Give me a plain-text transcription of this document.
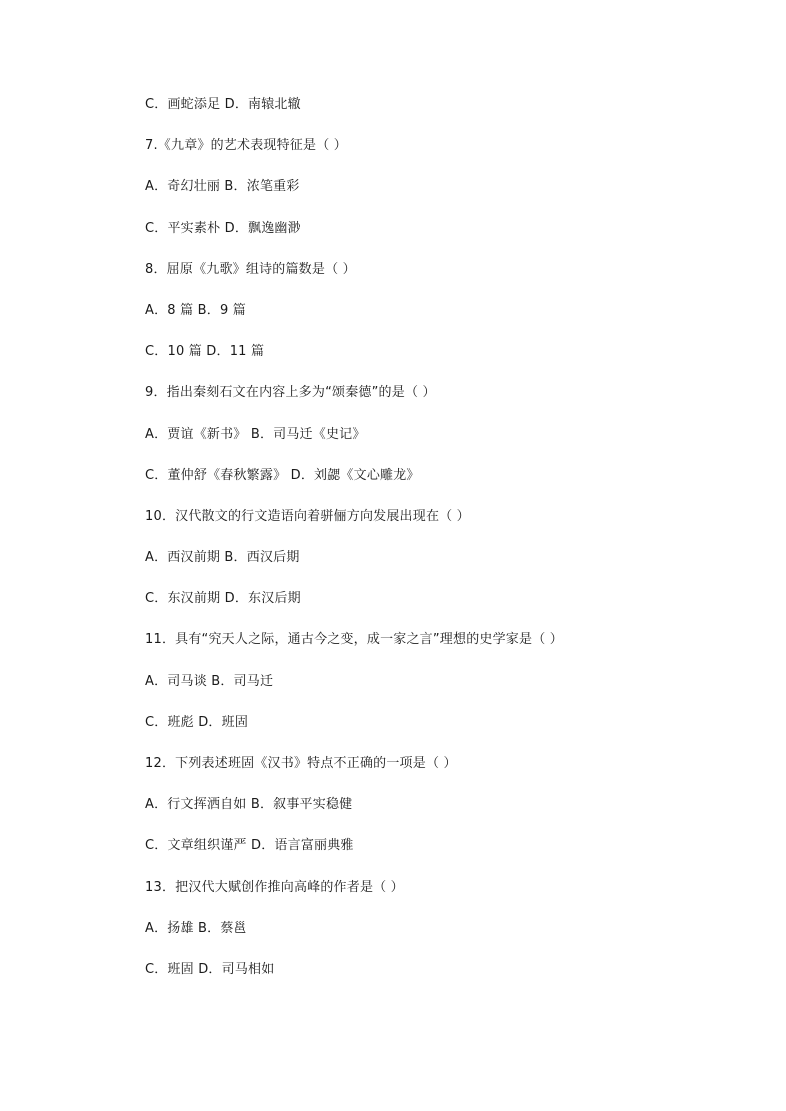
C．画蛇添足 D．南辕北辙
7.《九章》的艺术表现特征是（ ）
A．奇幻壮丽 B．浓笔重彩
C．平实素朴 D．飘逸幽渺
8．屈原《九歌》组诗的篇数是（ ）
A．8 篇 B．9 篇
C．10 篇 D．11 篇
9．指出秦刻石文在内容上多为“颂秦德”的是（ ）
A．贾谊《新书》 B．司马迁《史记》
C．董仲舒《春秋繁露》 D．刘勰《文心雕龙》
10．汉代散文的行文造语向着骈俪方向发展出现在（ ）
A．西汉前期 B．西汉后期
C．东汉前期 D．东汉后期
11．具有“究天人之际，通古今之变，成一家之言”理想的史学家是（ ）
A．司马谈 B．司马迁
C．班彪 D．班固
12．下列表述班固《汉书》特点不正确的一项是（ ）
A．行文挥洒自如 B．叙事平实稳健
C．文章组织谨严 D．语言富丽典雅
13．把汉代大赋创作推向高峰的作者是（ ）
A．扬雄 B．蔡邕
C．班固 D．司马相如
